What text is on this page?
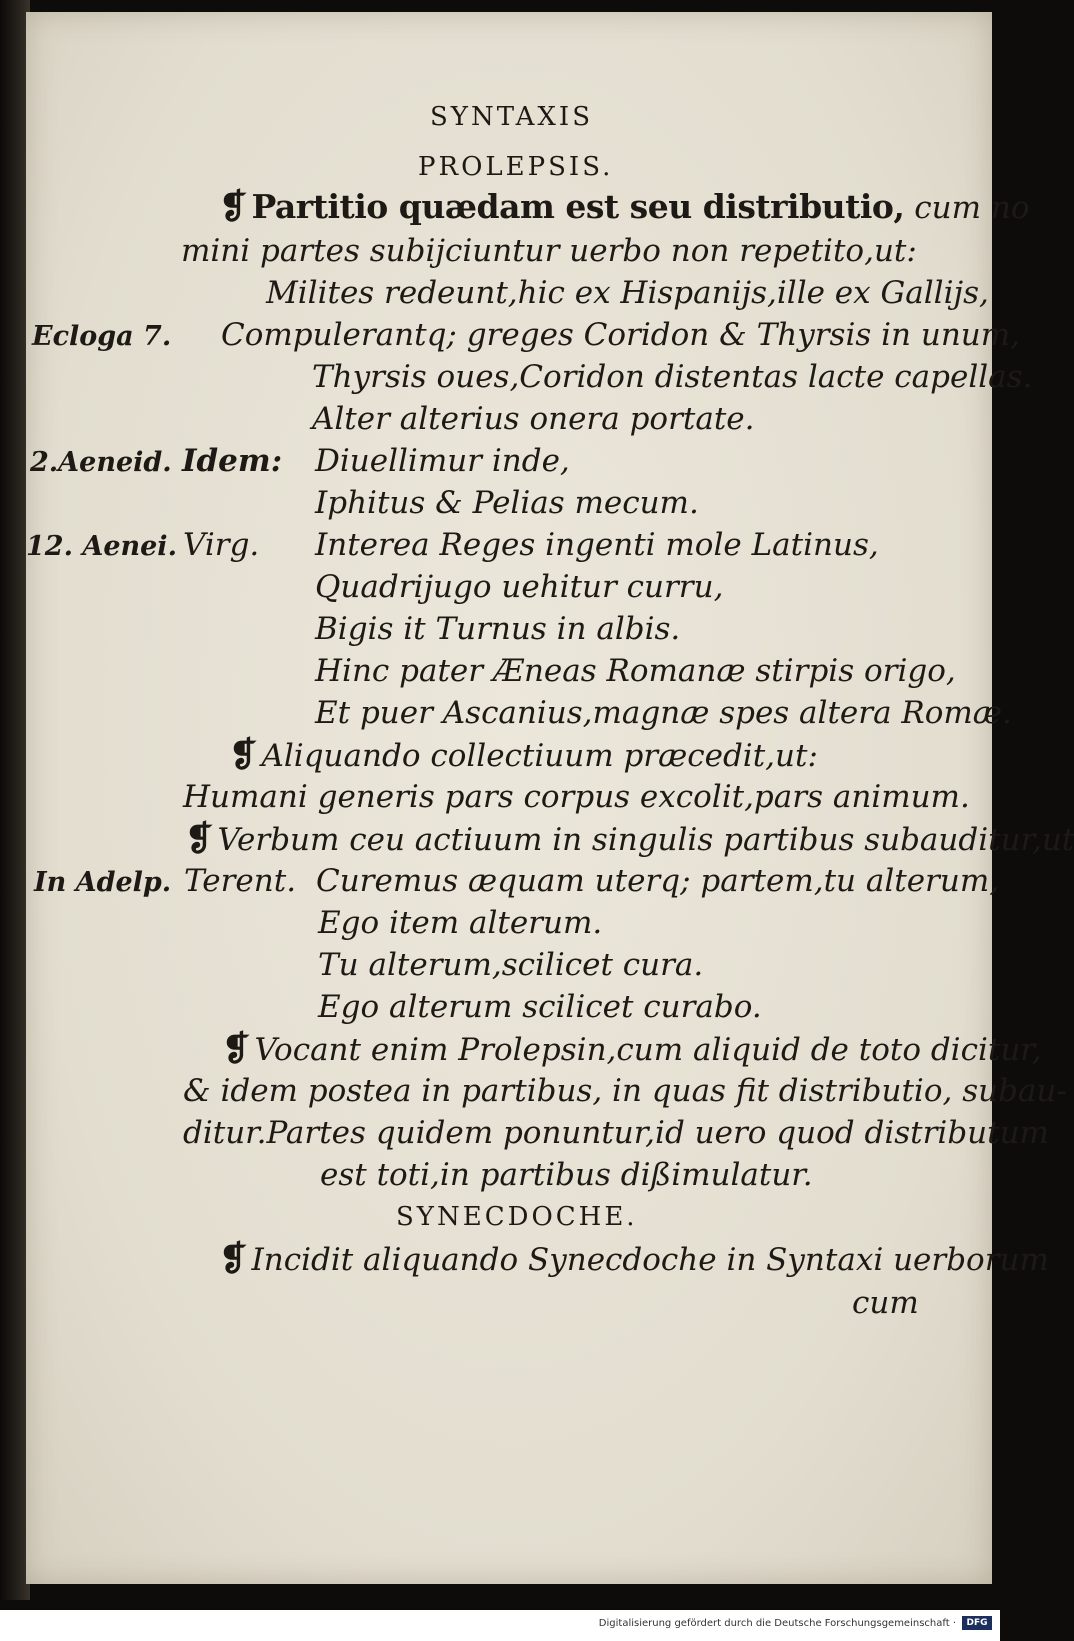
SYNTAXIS
PROLEPSIS.
❡ Partitio quædam est seu distributio, cum no
mini partes subijciuntur uerbo non repetito,ut:
Milites redeunt,hic ex Hispanijs,ille ex Gallijs,
Ecloga 7. Compulerantq; greges Coridon & Thyrsis in unum,
Thyrsis oues,Coridon distentas lacte capellas.
Alter alterius onera portate.
2.Aeneid. Idem: Diuellimur inde,
Iphitus & Pelias mecum.
12. Aenei. Virg. Interea Reges ingenti mole Latinus,
Quadrijugo uehitur curru,
Bigis it Turnus in albis.
Hinc pater Æneas Romanæ stirpis origo,
Et puer Ascanius,magnæ spes altera Romæ.
❡ Aliquando collectiuum præcedit,ut:
Humani generis pars corpus excolit,pars animum.
❡ Verbum ceu actiuum in singulis partibus subauditur,ut
In Adelp. Terent. Curemus æquam uterq; partem,tu alterum,
Ego item alterum.
Tu alterum,scilicet cura.
Ego alterum scilicet curabo.
❡ Vocant enim Prolepsin,cum aliquid de toto dicitur,
& idem postea in partibus, in quas fit distributio, subau-
ditur.Partes quidem ponuntur,id uero quod distributum
est toti,in partibus dißimulatur.
SYNECDOCHE.
❡ Incidit aliquando Synecdoche in Syntaxi uerborum
cum
Digitalisierung gefördert durch die Deutsche Forschungsgemeinschaft ·	DFG
